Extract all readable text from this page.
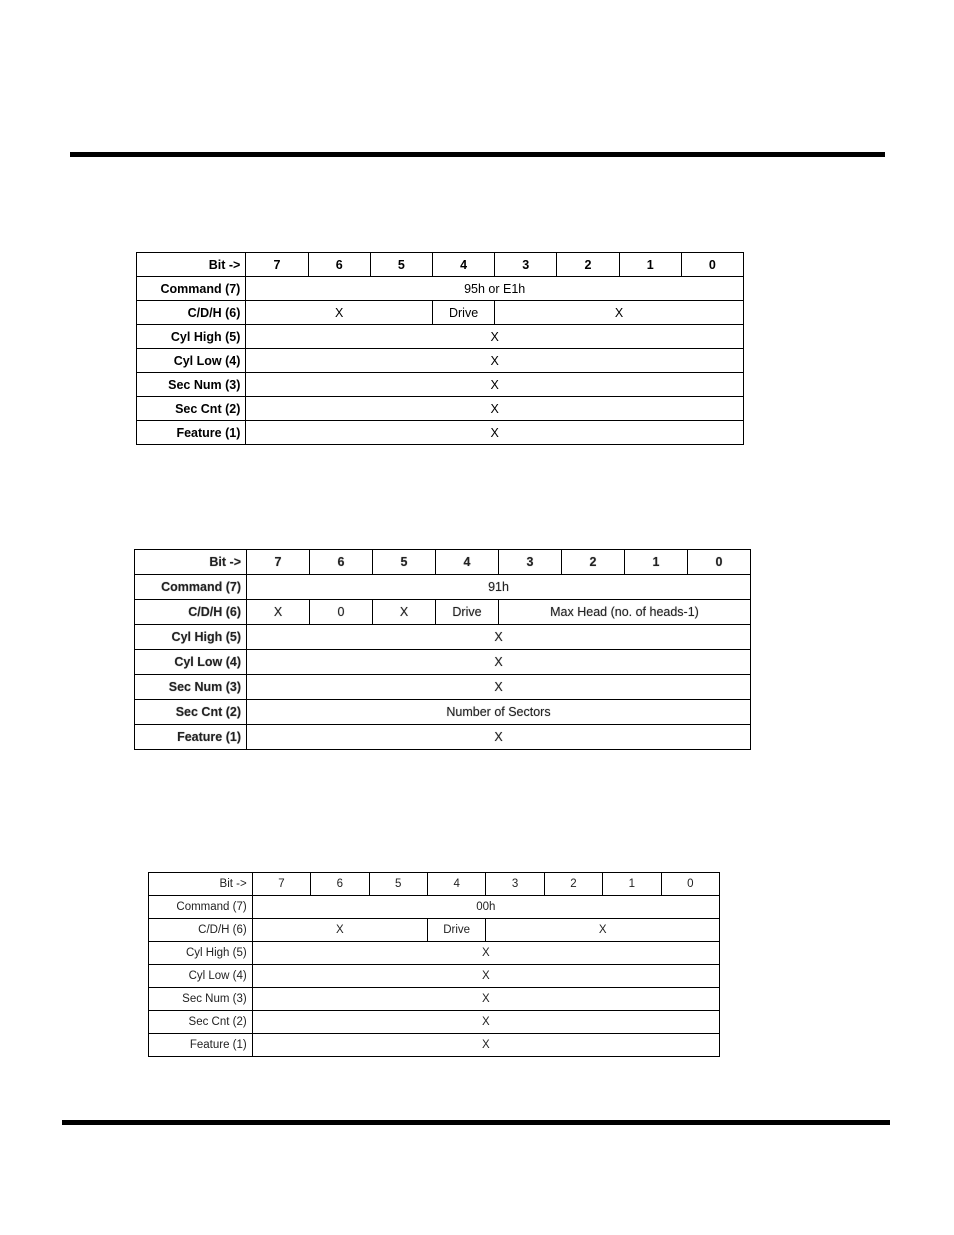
Bit ->	7	6	5	4	3	2	1	0
Command (7)	95h or E1h							
C/D/H (6)	X			Drive	X			
Cyl High (5)	X							
Cyl Low (4)	X							
Sec Num (3)	X							
Sec Cnt (2)	X							
Feature (1)	X							
Bit ->	7	6	5	4	3	2	1	0
Command (7)	91h							
C/D/H (6)	X	0	X	Drive	Max Head (no. of heads-1)			
Cyl High (5)	X							
Cyl Low (4)	X							
Sec Num (3)	X							
Sec Cnt (2)	Number of Sectors							
Feature (1)	X							
Bit ->	7	6	5	4	3	2	1	0
Command (7)	00h							
C/D/H (6)	X			Drive	X			
Cyl High (5)	X							
Cyl Low (4)	X							
Sec Num (3)	X							
Sec Cnt (2)	X							
Feature (1)	X							
